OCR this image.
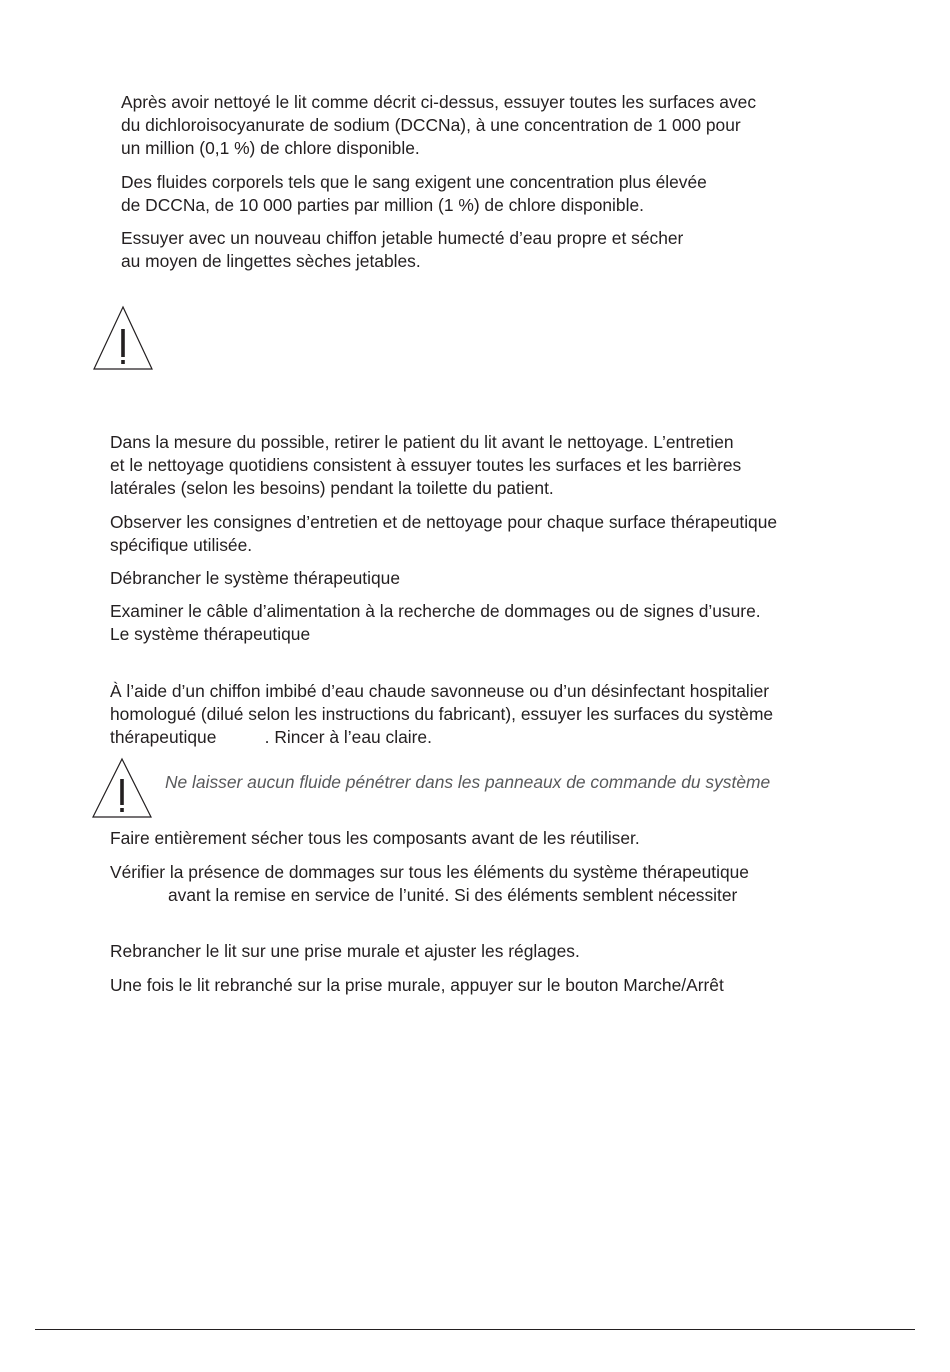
Après avoir nettoyé le lit comme décrit ci-dessus, essuyer toutes les surfaces avec
du dichloroisocyanurate de sodium (DCCNa), à une concentration de 1 000 pour
un million (0,1 %) de chlore disponible.

Des fluides corporels tels que le sang exigent une concentration plus élevée
de DCCNa, de 10 000 parties par million (1 %) de chlore disponible.

Essuyer avec un nouveau chiffon jetable humecté d’eau propre et sécher
au moyen de lingettes sèches jetables.

Dans la mesure du possible, retirer le patient du lit avant le nettoyage. L’entretien
et le nettoyage quotidiens consistent à essuyer toutes les surfaces et les barrières
latérales (selon les besoins) pendant la toilette du patient.

Observer les consignes d’entretien et de nettoyage pour chaque surface thérapeutique
spécifique utilisée.

Débrancher le système thérapeutique

Examiner le câble d’alimentation à la recherche de dommages ou de signes d’usure.
Le système thérapeutique

À l’aide d’un chiffon imbibé d’eau chaude savonneuse ou d’un désinfectant hospitalier
homologué (dilué selon les instructions du fabricant), essuyer les surfaces du système
thérapeutique          . Rincer à l’eau claire.

Ne laisser aucun fluide pénétrer dans les panneaux de commande du système

Faire entièrement sécher tous les composants avant de les réutiliser.

Vérifier la présence de dommages sur tous les éléments du système thérapeutique
avant la remise en service de l’unité. Si des éléments semblent nécessiter

Rebrancher le lit sur une prise murale et ajuster les réglages.

Une fois le lit rebranché sur la prise murale, appuyer sur le bouton Marche/Arrêt
